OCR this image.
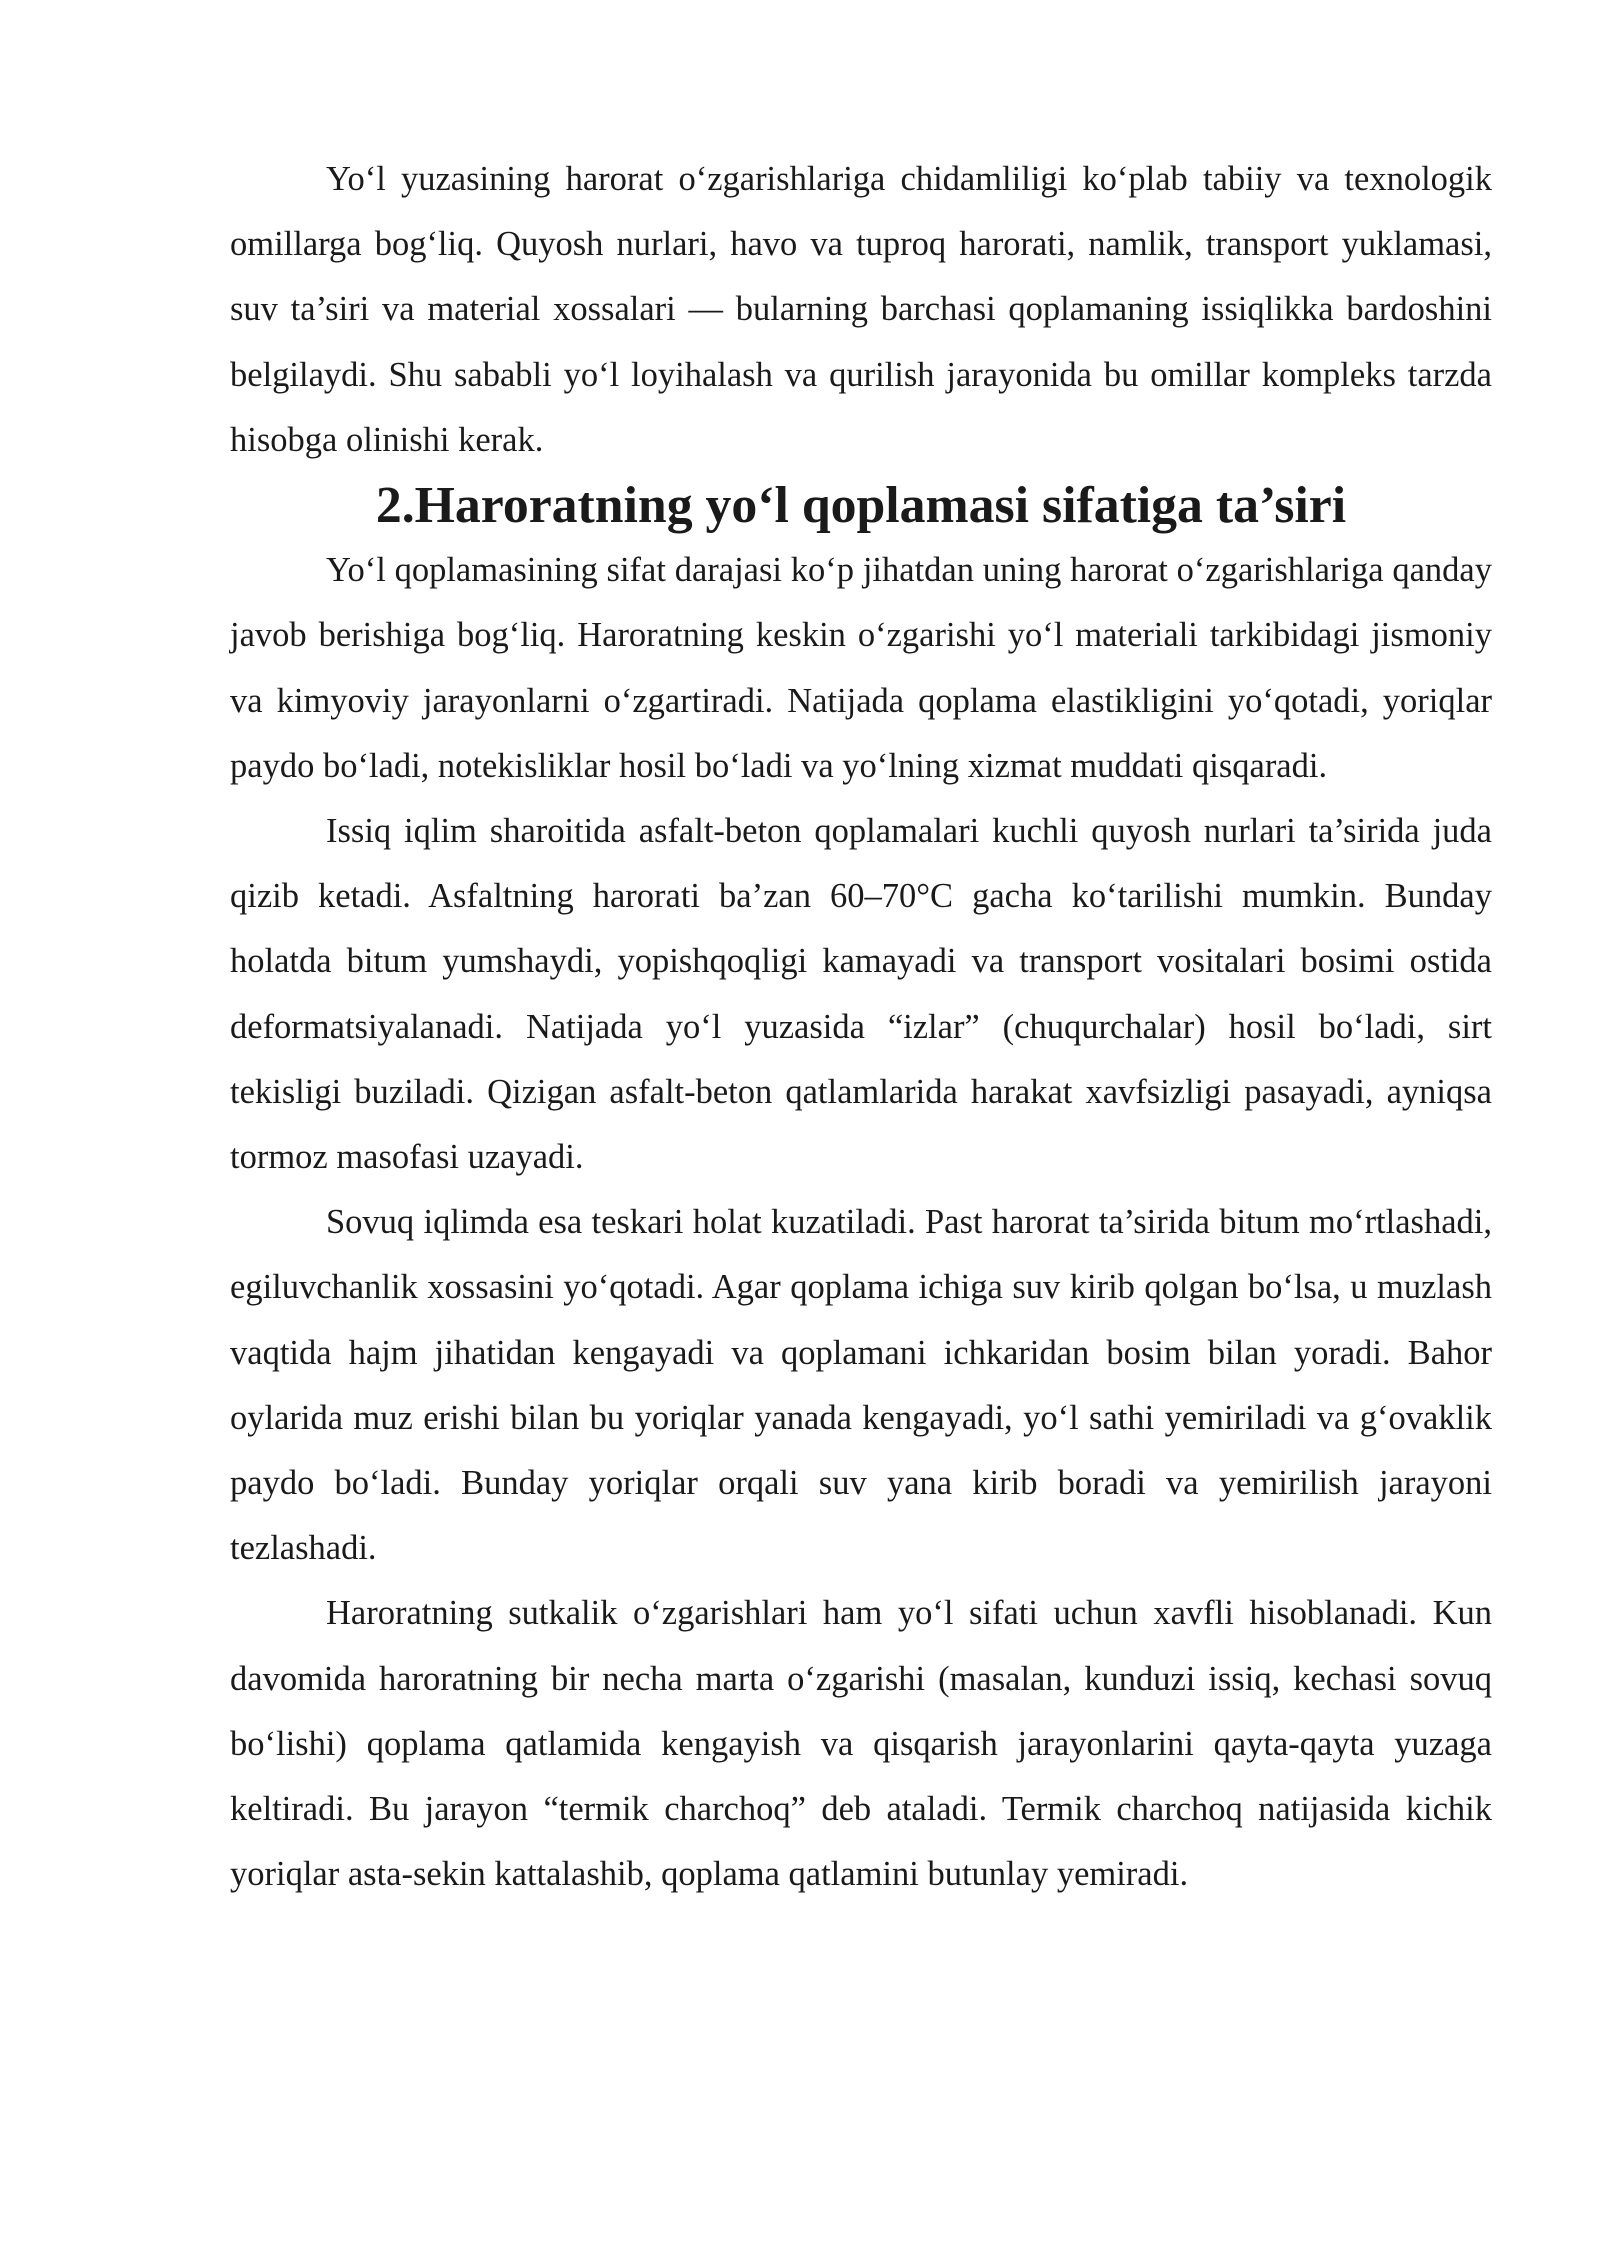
Yo‘l yuzasining harorat o‘zgarishlariga chidamliligi ko‘plab tabiiy va texnologik omillarga bog‘liq. Quyosh nurlari, havo va tuproq harorati, namlik, transport yuklamasi, suv ta’siri va material xossalari — bularning barchasi qoplamaning issiqlikka bardoshini belgilaydi. Shu sababli yo‘l loyihalash va qurilish jarayonida bu omillar kompleks tarzda hisobga olinishi kerak.

2.Haroratning yo‘l qoplamasi sifatiga ta’siri

Yo‘l qoplamasining sifat darajasi ko‘p jihatdan uning harorat o‘zgarishlariga qanday javob berishiga bog‘liq. Haroratning keskin o‘zgarishi yo‘l materiali tarkibidagi jismoniy va kimyoviy jarayonlarni o‘zgartiradi. Natijada qoplama elastikligini yo‘qotadi, yoriqlar paydo bo‘ladi, notekisliklar hosil bo‘ladi va yo‘lning xizmat muddati qisqaradi.

Issiq iqlim sharoitida asfalt-beton qoplamalari kuchli quyosh nurlari ta’sirida juda qizib ketadi. Asfaltning harorati ba’zan 60–70°C gacha ko‘tarilishi mumkin. Bunday holatda bitum yumshaydi, yopishqoqligi kamayadi va transport vositalari bosimi ostida deformatsiyalanadi. Natijada yo‘l yuzasida “izlar” (chuqurchalar) hosil bo‘ladi, sirt tekisligi buziladi. Qizigan asfalt-beton qatlamlarida harakat xavfsizligi pasayadi, ayniqsa tormoz masofasi uzayadi.

Sovuq iqlimda esa teskari holat kuzatiladi. Past harorat ta’sirida bitum mo‘rtlashadi, egiluvchanlik xossasini yo‘qotadi. Agar qoplama ichiga suv kirib qolgan bo‘lsa, u muzlash vaqtida hajm jihatidan kengayadi va qoplamani ichkaridan bosim bilan yoradi. Bahor oylarida muz erishi bilan bu yoriqlar yanada kengayadi, yo‘l sathi yemiriladi va g‘ovaklik paydo bo‘ladi. Bunday yoriqlar orqali suv yana kirib boradi va yemirilish jarayoni tezlashadi.

Haroratning sutkalik o‘zgarishlari ham yo‘l sifati uchun xavfli hisoblanadi. Kun davomida haroratning bir necha marta o‘zgarishi (masalan, kunduzi issiq, kechasi sovuq bo‘lishi) qoplama qatlamida kengayish va qisqarish jarayonlarini qayta-qayta yuzaga keltiradi. Bu jarayon “termik charchoq” deb ataladi. Termik charchoq natijasida kichik yoriqlar asta-sekin kattalashib, qoplama qatlamini butunlay yemiradi.
